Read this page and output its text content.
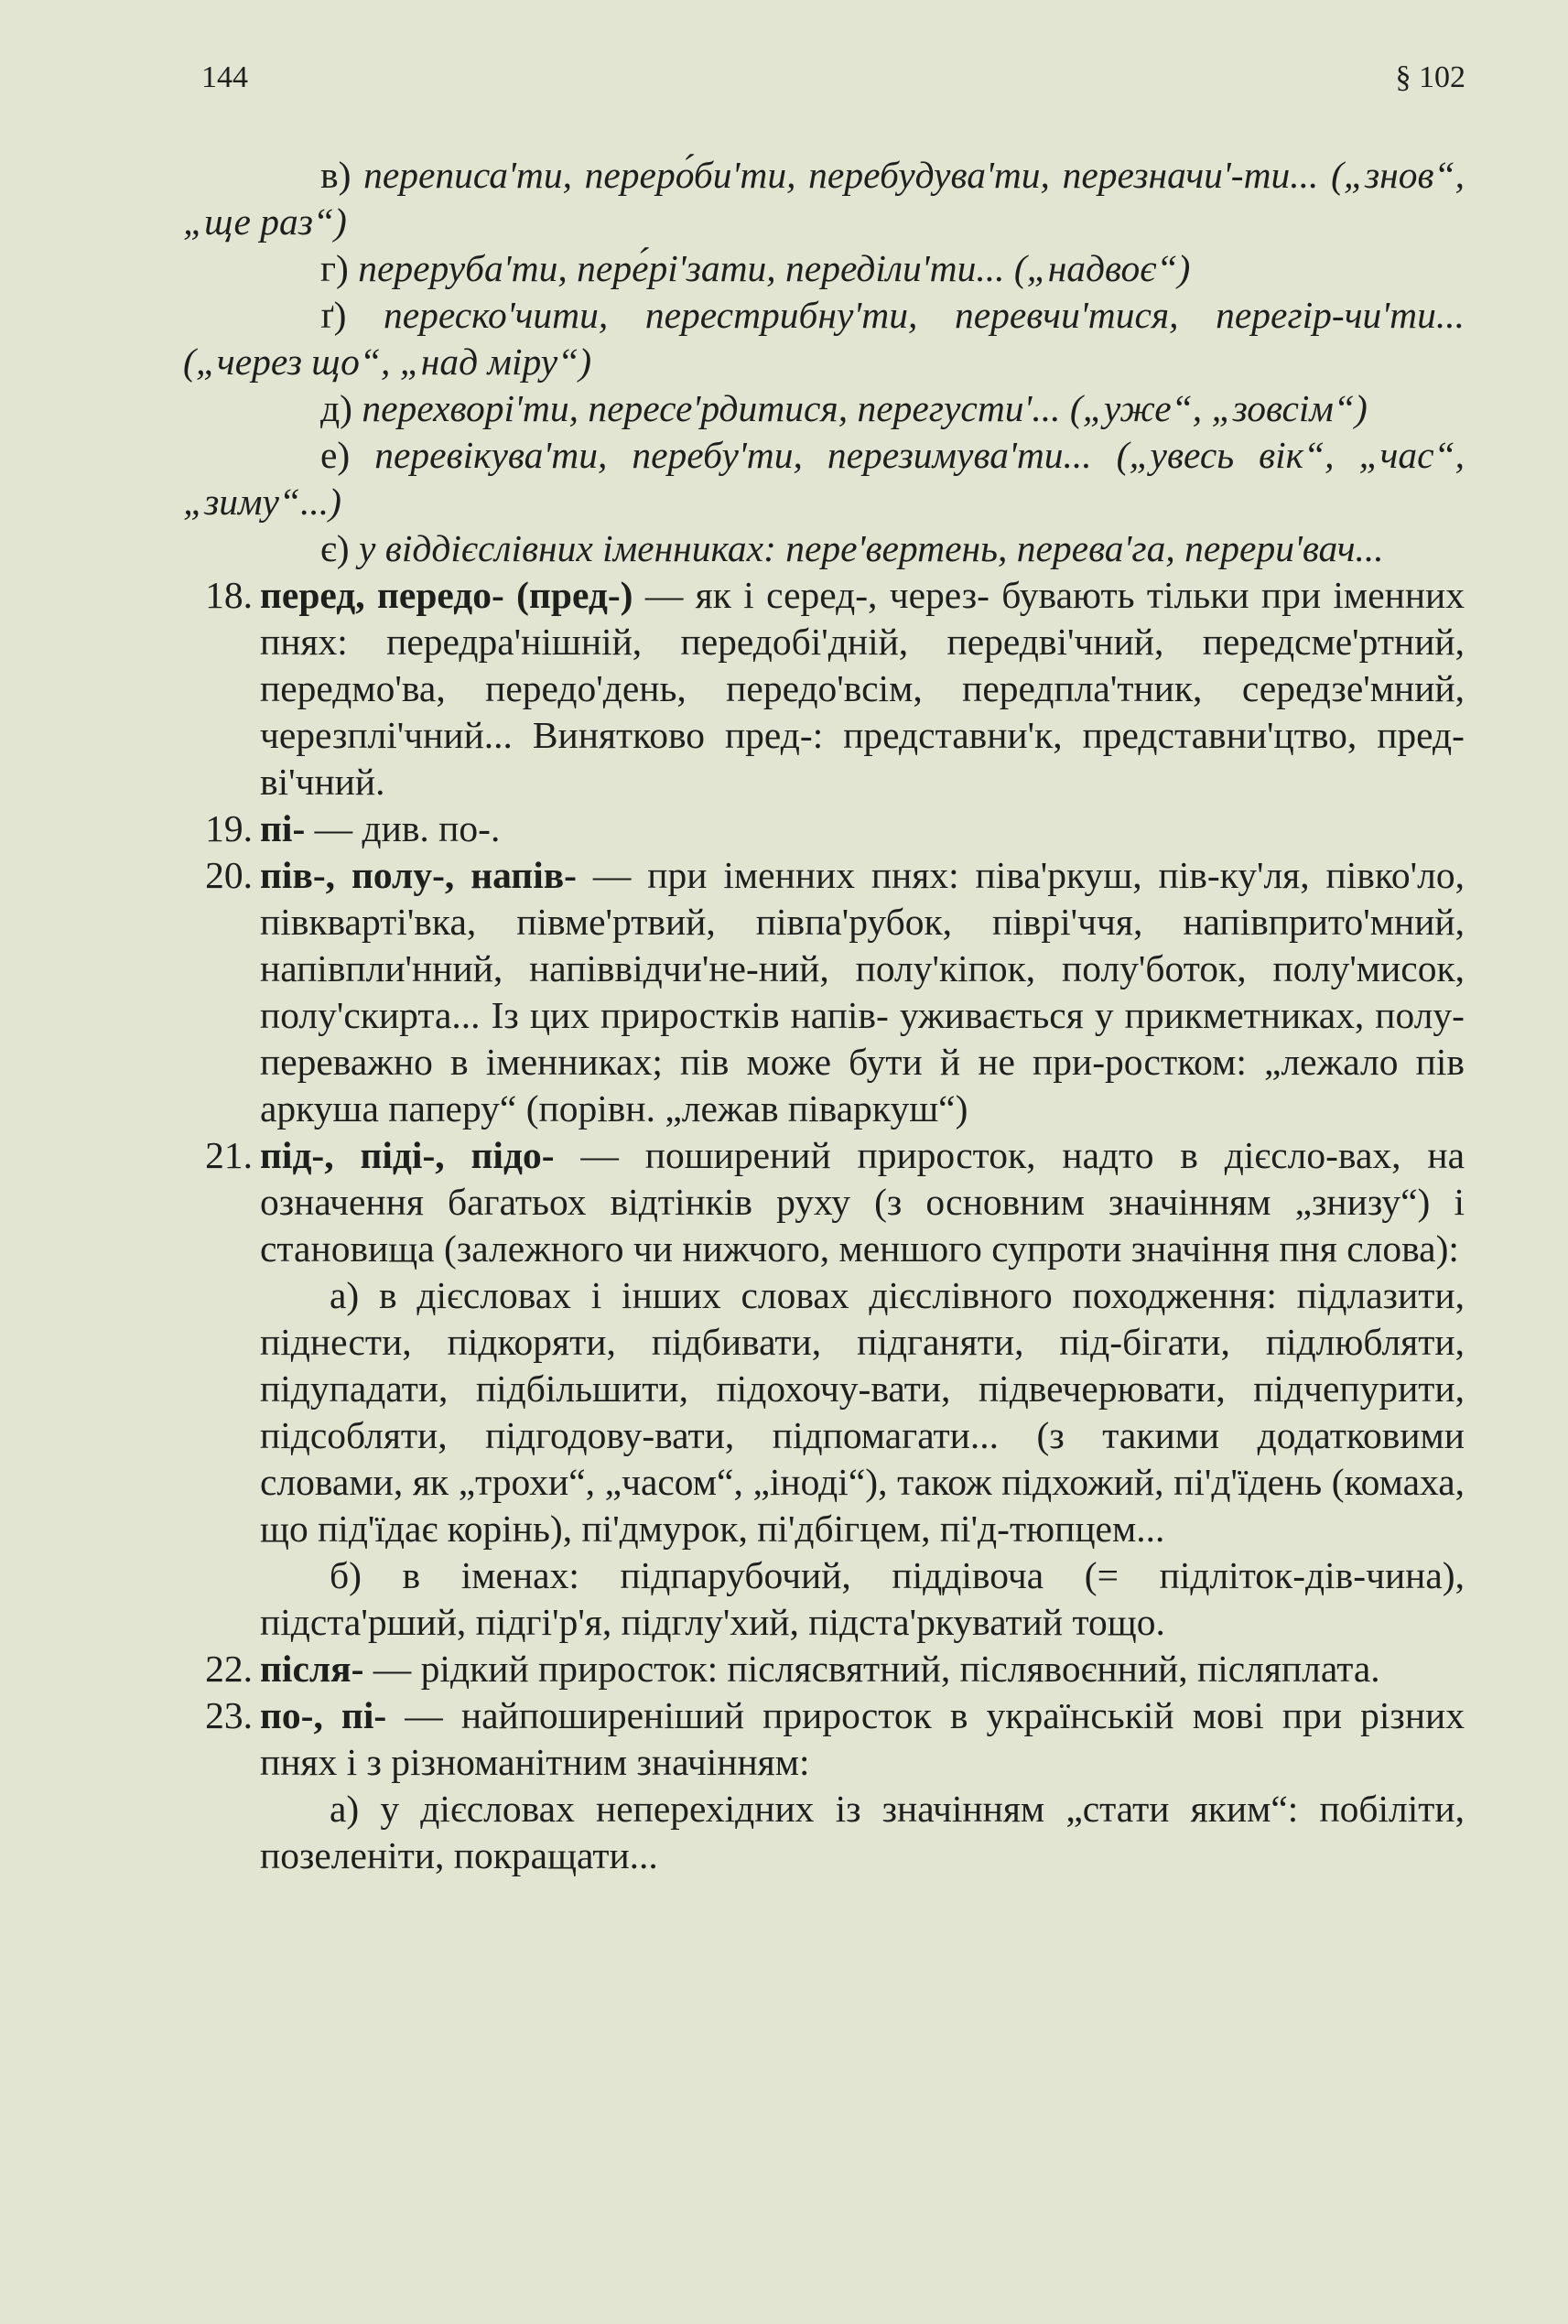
144	§ 102

в) переписа'ти, переро́би'ти, перебудува'ти, перезначи'-ти... („знов“, „ще раз“)

г) переруба'ти, пере́рі'зати, переділи'ти... („надвоє“)

ґ) переско'чити, перестрибну'ти, перевчи'тися, перегір-чи'ти... („через що“, „над міру“)

д) перехворі'ти, пересе'рдитися, перегусти'... („уже“, „зовсім“)

е) перевікува'ти, перебу'ти, перезимува'ти... („увесь вік“, „час“, „зиму“...)

є) у віддієслівних іменниках: пере'вертень, перева'га, перери'вач...

18. перед, передо- (пред-) — як і серед-, через- бувають тільки при іменних пнях: передра'нішній, передобі'дній, передві'чний, передсме'ртний, передмо'ва, передо'день, передо'всім, передпла'тник, середзе'мний, черезплі'чний... Винятково пред-: представни'к, представни'цтво, пред-ві'чний.

19. пі- — див. по-.

20. пів-, полу-, напів- — при іменних пнях: піва'ркуш, пів-ку'ля, півко'ло, півкварті'вка, півме'ртвий, півпа'рубок, піврі'ччя, напівприто'мний, напівпли'нний, напіввідчи'не-ний, полу'кіпок, полу'боток, полу'мисок, полу'скирта... Із цих приростків напів- уживається у прикметниках, полу- переважно в іменниках; пів може бути й не при-ростком: „лежало пів аркуша паперу“ (порівн. „лежав піваркуш“)

21. під-, піді-, підо- — поширений приросток, надто в дієсло-вах, на означення багатьох відтінків руху (з основним значінням „знизу“) і становища (залежного чи нижчого, меншого супроти значіння пня слова):

а) в дієсловах і інших словах дієслівного походження: підлазити, піднести, підкоряти, підбивати, підганяти, під-бігати, підлюбляти, підупадати, підбільшити, підохочу-вати, підвечерювати, підчепурити, підсобляти, підгодову-вати, підпомагати... (з такими додатковими словами, як „трохи“, „часом“, „іноді“), також підхожий, пі'д'їдень (комаха, що під'їдає корінь), пі'дмурок, пі'дбігцем, пі'д-тюпцем...

б) в іменах: підпарубочий, піддівоча (= підліток-дів-чина), підста'рший, підгі'р'я, підглу'хий, підста'ркуватий тощо.

22. після- — рідкий приросток: післясвятний, післявоєнний, післяплата.

23. по-, пі- — найпоширеніший приросток в українській мові при різних пнях і з різноманітним значінням:

а) у дієсловах неперехідних із значінням „стати яким“: побіліти, позеленіти, покращати...
